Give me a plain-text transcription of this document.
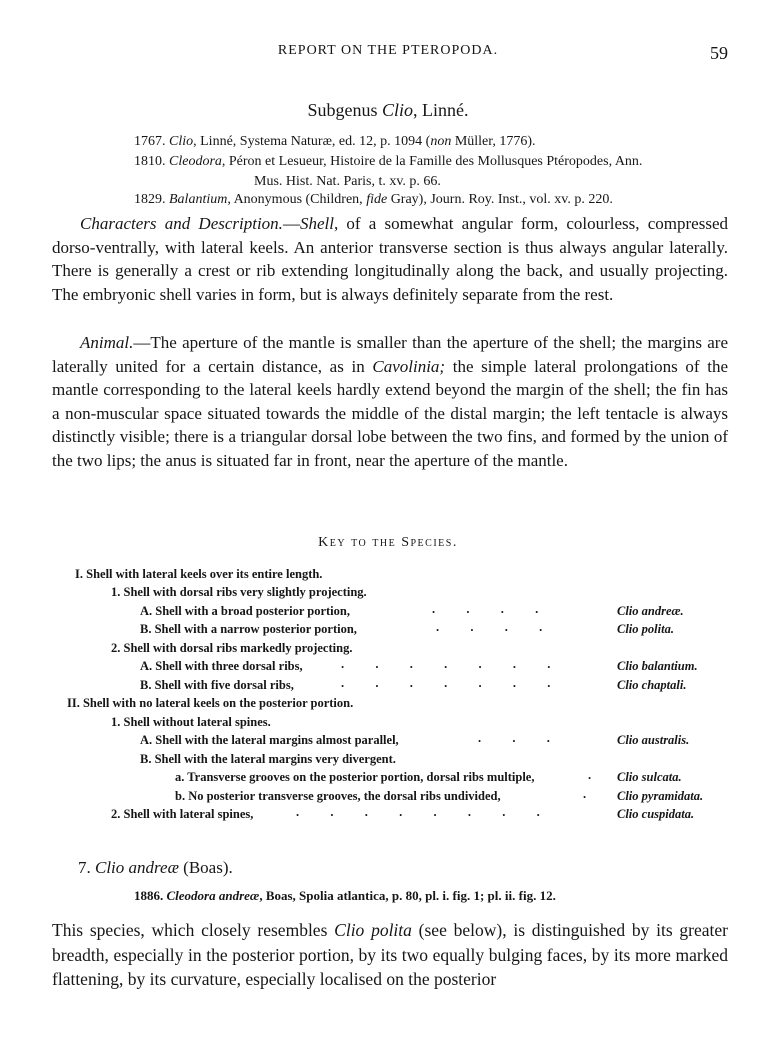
REPORT ON THE PTEROPODA.	59
Subgenus Clio, Linné.
1767. Clio, Linné, Systema Naturæ, ed. 12, p. 1094 (non Müller, 1776).
1810. Cleodora, Péron et Lesueur, Histoire de la Famille des Mollusques Ptéropodes, Ann.
Mus. Hist. Nat. Paris, t. xv. p. 66.
1829. Balantium, Anonymous (Children, fide Gray), Journ. Roy. Inst., vol. xv. p. 220.
Characters and Description.—Shell, of a somewhat angular form, colourless, compressed dorso-ventrally, with lateral keels. An anterior transverse section is thus always angular laterally. There is generally a crest or rib extending longitudinally along the back, and usually projecting. The embryonic shell varies in form, but is always definitely separate from the rest.
Animal.—The aperture of the mantle is smaller than the aperture of the shell; the margins are laterally united for a certain distance, as in Cavolinia; the simple lateral prolongations of the mantle corresponding to the lateral keels hardly extend beyond the margin of the shell; the fin has a non-muscular space situated towards the middle of the distal margin; the left tentacle is always distinctly visible; there is a triangular dorsal lobe between the two fins, and formed by the union of the two lips; the anus is situated far in front, near the aperture of the mantle.
Key to the Species.
I. Shell with lateral keels over its entire length.
1. Shell with dorsal ribs very slightly projecting.
A. Shell with a broad posterior portion,	.          .          .          .	Clio andreæ.
B. Shell with a narrow posterior portion,	.          .          .          .	Clio polita.
2. Shell with dorsal ribs markedly projecting.
A. Shell with three dorsal ribs,	.          .          .          .          .          .          .	Clio balantium.
B. Shell with five dorsal ribs,	.          .          .          .          .          .          .	Clio chaptali.
II. Shell with no lateral keels on the posterior portion.
1. Shell without lateral spines.
A. Shell with the lateral margins almost parallel,	.          .          .	Clio australis.
B. Shell with the lateral margins very divergent.
a. Transverse grooves on the posterior portion, dorsal ribs multiple,	. Clio sulcata.
b. No posterior transverse grooves, the dorsal ribs undivided,	. Clio pyramidata.
2. Shell with lateral spines,	.          .          .          .          .          .          .          .	Clio cuspidata.
7. Clio andreæ (Boas).
1886. Cleodora andreæ, Boas, Spolia atlantica, p. 80, pl. i. fig. 1; pl. ii. fig. 12.
This species, which closely resembles Clio polita (see below), is distinguished by its greater breadth, especially in the posterior portion, by its two equally bulging faces, by its more marked flattening, by its curvature, especially localised on the posterior
